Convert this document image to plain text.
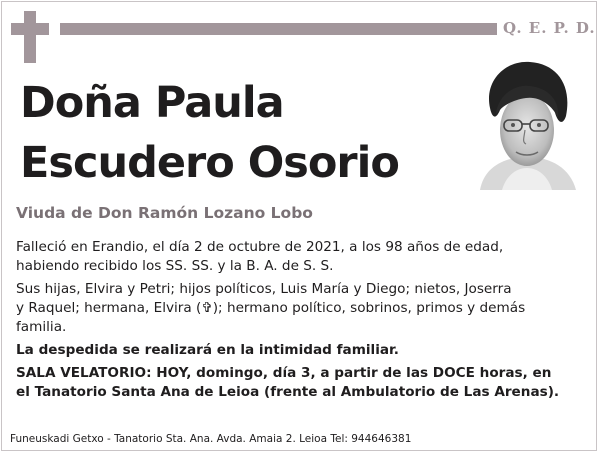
Q. E. P. D.
Doña Paula
Escudero Osorio
Viuda de Don Ramón Lozano Lobo

Falleció en Erandio, el día 2 de octubre de 2021, a los 98 años de edad,
habiendo recibido los SS. SS. y la B. A. de S. S.

Sus hijas, Elvira y Petri; hijos políticos, Luis María y Diego; nietos, Joserra
y Raquel; hermana, Elvira (✞); hermano político, sobrinos, primos y demás
familia.

La despedida se realizará en la intimidad familiar.

SALA VELATORIO: HOY, domingo, día 3, a partir de las DOCE horas, en
el Tanatorio Santa Ana de Leioa (frente al Ambulatorio de Las Arenas).

Funeuskadi Getxo - Tanatorio Sta. Ana. Avda. Amaia 2. Leioa Tel: 944646381
